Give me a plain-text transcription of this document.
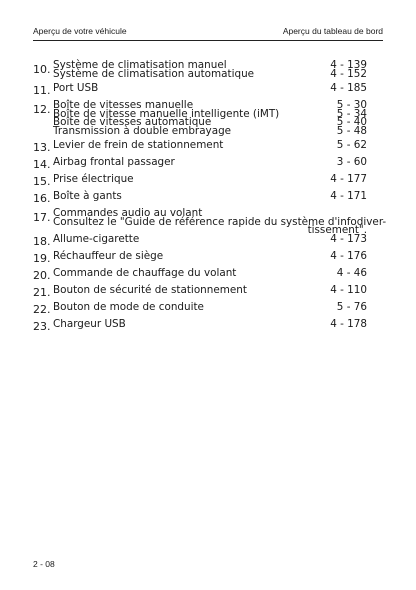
Aperçu de votre véhicule	Aperçu du tableau de bord
10. Système de climatisation manuel	4 - 139
Système de climatisation automatique	4 - 152
11. Port USB	4 - 185
12. Boîte de vitesses manuelle	5 - 30
Boîte de vitesse manuelle intelligente (iMT)	5 - 34
Boîte de vitesses automatique	5 - 40
Transmission à double embrayage	5 - 48
13. Levier de frein de stationnement	5 - 62
14. Airbag frontal passager	3 - 60
15. Prise électrique	4 - 177
16. Boîte à gants	4 - 171
17. Commandes audio au volant
Consultez le "Guide de référence rapide du système d'infodiver-
tissement".
18. Allume-cigarette	4 - 173
19. Réchauffeur de siège	4 - 176
20. Commande de chauffage du volant	4 - 46
21. Bouton de sécurité de stationnement	4 - 110
22. Bouton de mode de conduite	5 - 76
23. Chargeur USB	4 - 178
2 - 08
